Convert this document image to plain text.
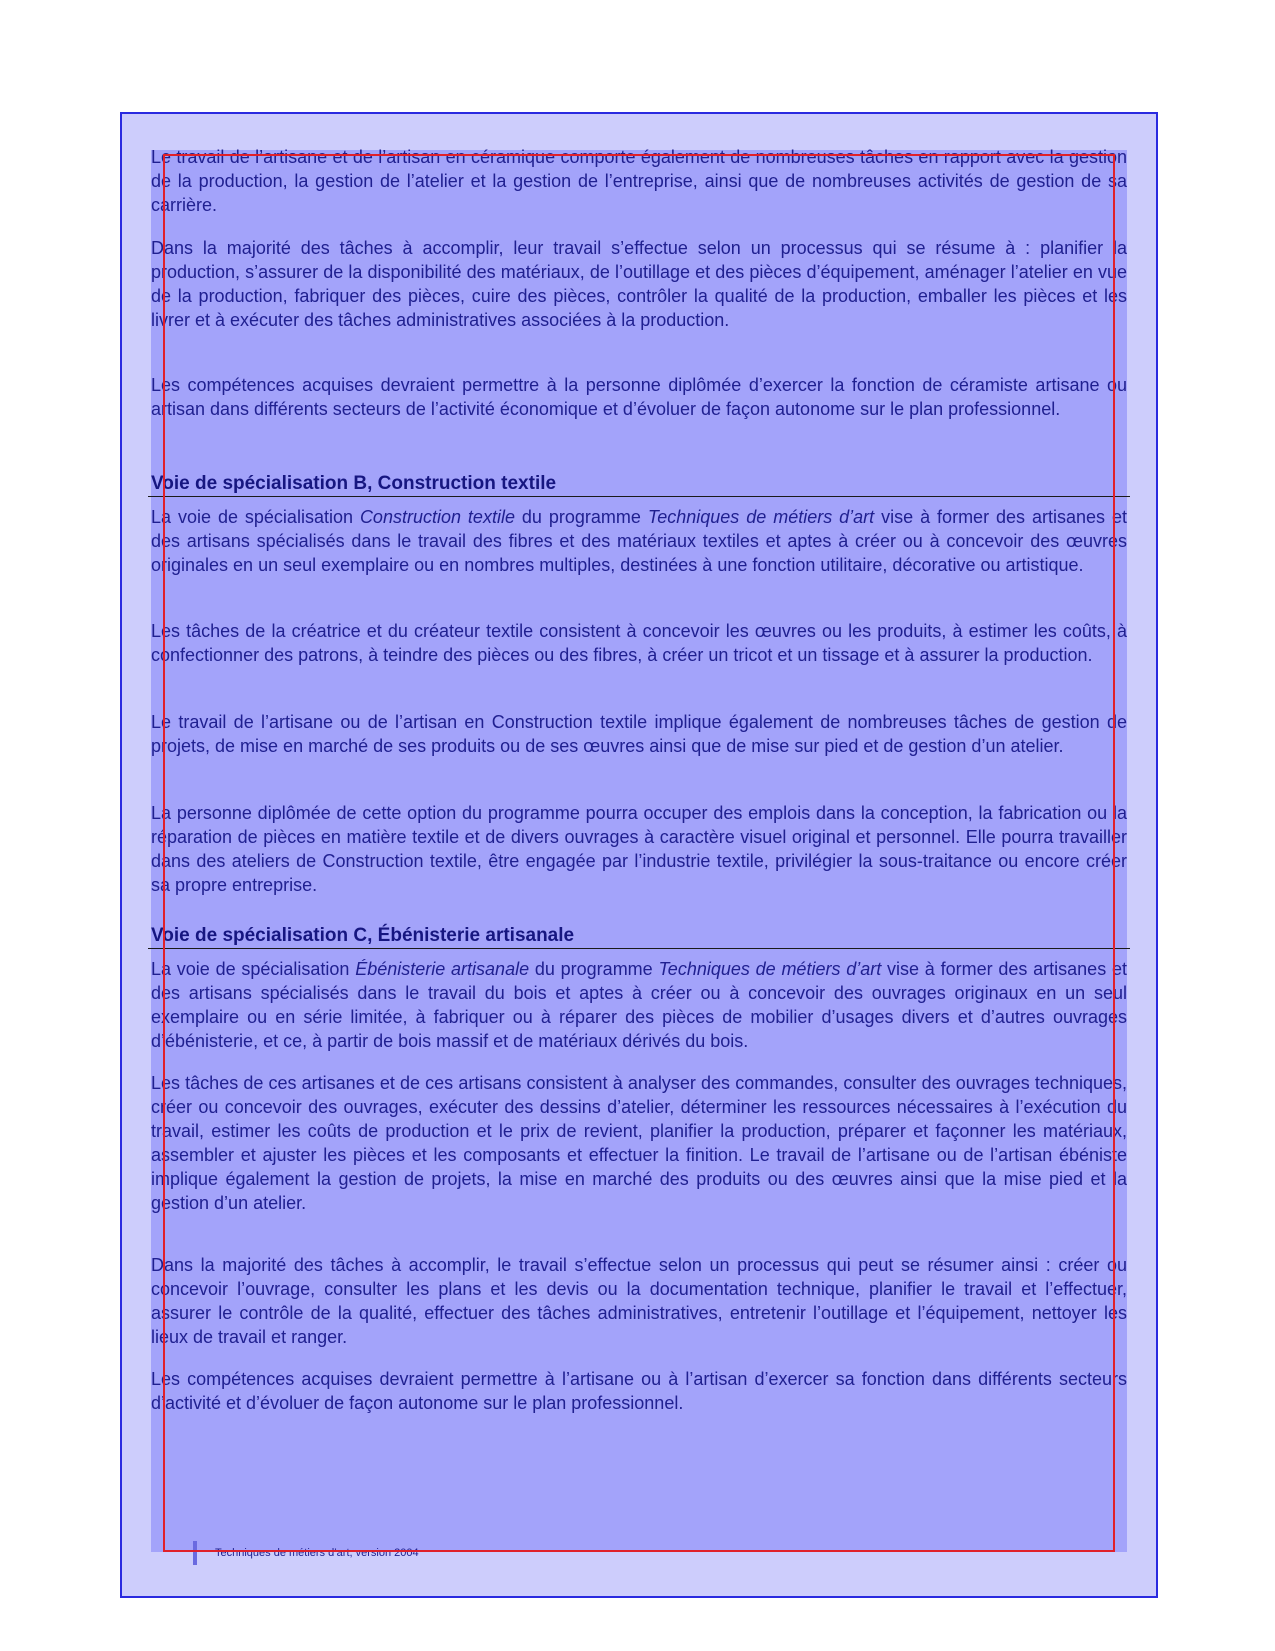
Le travail de l’artisane et de l’artisan en céramique comporte également de nombreuses tâches en rapport avec la gestion de la production, la gestion de l’atelier et la gestion de l’entreprise, ainsi que de nombreuses activités de gestion de sa carrière.

Dans la majorité des tâches à accomplir, leur travail s’effectue selon un processus qui se résume à : planifier la production, s’assurer de la disponibilité des matériaux, de l’outillage et des pièces d’équipement, aménager l’atelier en vue de la production, fabriquer des pièces, cuire des pièces, contrôler la qualité de la production, emballer les pièces et les livrer et à exécuter des tâches administratives associées à la production.

Les compétences acquises devraient permettre à la personne diplômée d’exercer la fonction de céramiste artisane ou artisan dans différents secteurs de l’activité économique et d’évoluer de façon autonome sur le plan professionnel.

Voie de spécialisation B, Construction textile

La voie de spécialisation Construction textile du programme Techniques de métiers d’art vise à former des artisanes et des artisans spécialisés dans le travail des fibres et des matériaux textiles et aptes à créer ou à concevoir des œuvres originales en un seul exemplaire ou en nombres multiples, destinées à une fonction utilitaire, décorative ou artistique.

Les tâches de la créatrice et du créateur textile consistent à concevoir les œuvres ou les produits, à estimer les coûts, à confectionner des patrons, à teindre des pièces ou des fibres, à créer un tricot et un tissage et à assurer la production.

Le travail de l’artisane ou de l’artisan en Construction textile implique également de nombreuses tâches de gestion de projets, de mise en marché de ses produits ou de ses œuvres ainsi que de mise sur pied et de gestion d’un atelier.

La personne diplômée de cette option du programme pourra occuper des emplois dans la conception, la fabrication ou la réparation de pièces en matière textile et de divers ouvrages à caractère visuel original et personnel. Elle pourra travailler dans des ateliers de Construction textile, être engagée par l’industrie textile, privilégier la sous-traitance ou encore créer sa propre entreprise.

Voie de spécialisation C, Ébénisterie artisanale

La voie de spécialisation Ébénisterie artisanale du programme Techniques de métiers d’art vise à former des artisanes et des artisans spécialisés dans le travail du bois et aptes à créer ou à concevoir des ouvrages originaux en un seul exemplaire ou en série limitée, à fabriquer ou à réparer des pièces de mobilier d’usages divers et d’autres ouvrages d’ébénisterie, et ce, à partir de bois massif et de matériaux dérivés du bois.

Les tâches de ces artisanes et de ces artisans consistent à analyser des commandes, consulter des ouvrages techniques, créer ou concevoir des ouvrages, exécuter des dessins d’atelier, déterminer les ressources nécessaires à l’exécution du travail, estimer les coûts de production et le prix de revient, planifier la production, préparer et façonner les matériaux, assembler et ajuster les pièces et les composants et effectuer la finition. Le travail de l’artisane ou de l’artisan ébéniste implique également la gestion de projets, la mise en marché des produits ou des œuvres ainsi que la mise pied et la gestion d’un atelier.

Dans la majorité des tâches à accomplir, le travail s’effectue selon un processus qui peut se résumer ainsi : créer ou concevoir l’ouvrage, consulter les plans et les devis ou la documentation technique, planifier le travail et l’effectuer, assurer le contrôle de la qualité, effectuer des tâches administratives, entretenir l’outillage et l’équipement, nettoyer les lieux de travail et ranger.

Les compétences acquises devraient permettre à l’artisane ou à l’artisan d’exercer sa fonction dans différents secteurs d’activité et d’évoluer de façon autonome sur le plan professionnel.

Techniques de métiers d’art, version 2004
